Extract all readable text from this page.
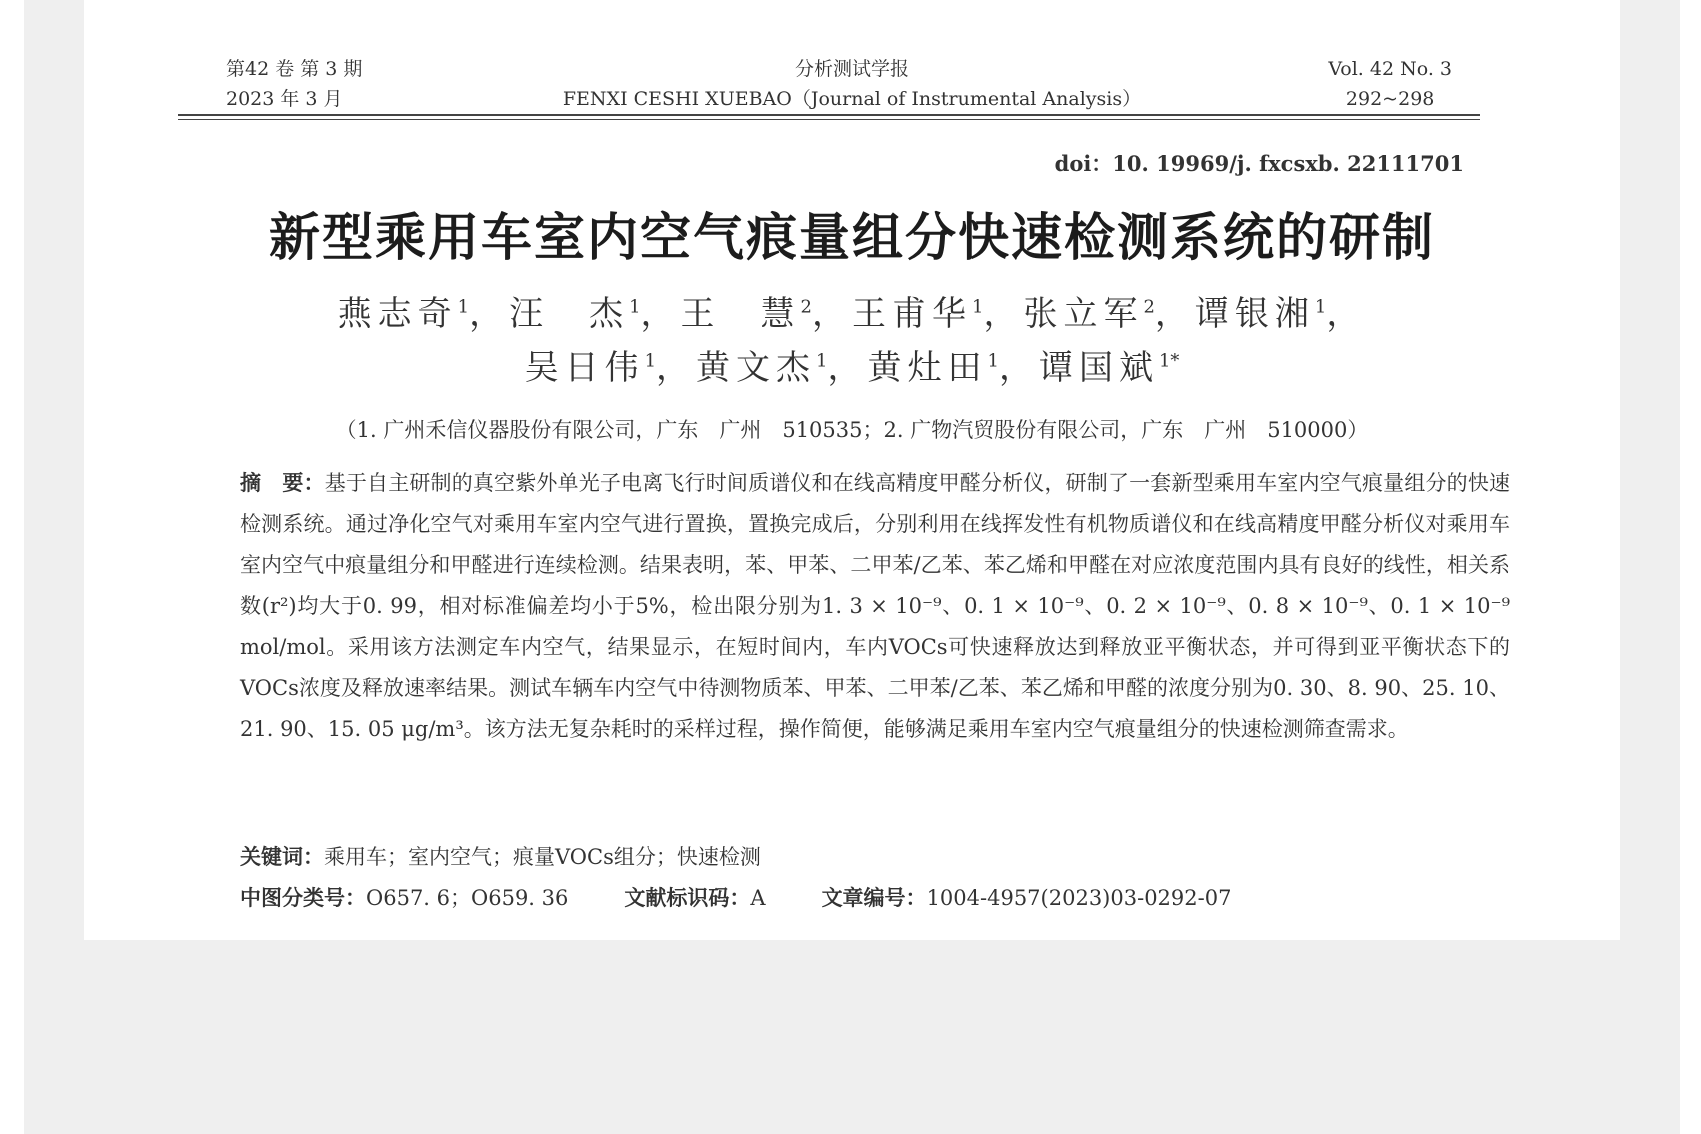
第42 卷 第 3 期
2023 年 3 月
分析测试学报
FENXI CESHI XUEBAO（Journal of Instrumental Analysis）
Vol. 42 No. 3
292~298
doi：10. 19969/j. fxcsxb. 22111701
新型乘用车室内空气痕量组分快速检测系统的研制
燕志奇$^1$，汪　杰$^1$，王　慧$^2$，王甫华$^1$，张立军$^2$，谭银湘$^1$，
吴日伟$^1$，黄文杰$^1$，黄灶田$^1$，谭国斌$^{1*}$
（1. 广州禾信仪器股份有限公司，广东　广州　510535；2. 广物汽贸股份有限公司，广东　广州　510000）
摘　要：基于自主研制的真空紫外单光子电离飞行时间质谱仪和在线高精度甲醛分析仪，研制了一套新型乘用车室内空气痕量组分的快速检测系统。通过净化空气对乘用车室内空气进行置换，置换完成后，分别利用在线挥发性有机物质谱仪和在线高精度甲醛分析仪对乘用车室内空气中痕量组分和甲醛进行连续检测。结果表明，苯、甲苯、二甲苯/乙苯、苯乙烯和甲醛在对应浓度范围内具有良好的线性，相关系数(r²)均大于0. 99，相对标准偏差均小于5%，检出限分别为1. 3 × 10⁻⁹、0. 1 × 10⁻⁹、0. 2 × 10⁻⁹、0. 8 × 10⁻⁹、0. 1 × 10⁻⁹ mol/mol。采用该方法测定车内空气，结果显示，在短时间内，车内VOCs可快速释放达到释放亚平衡状态，并可得到亚平衡状态下的VOCs浓度及释放速率结果。测试车辆车内空气中待测物质苯、甲苯、二甲苯/乙苯、苯乙烯和甲醛的浓度分别为0. 30、8. 90、25. 10、21. 90、15. 05 μg/m³。该方法无复杂耗时的采样过程，操作简便，能够满足乘用车室内空气痕量组分的快速检测筛查需求。
关键词：乘用车；室内空气；痕量VOCs组分；快速检测
中图分类号：O657. 6；O659. 36	文献标识码：A	文章编号：1004-4957(2023)03-0292-07
